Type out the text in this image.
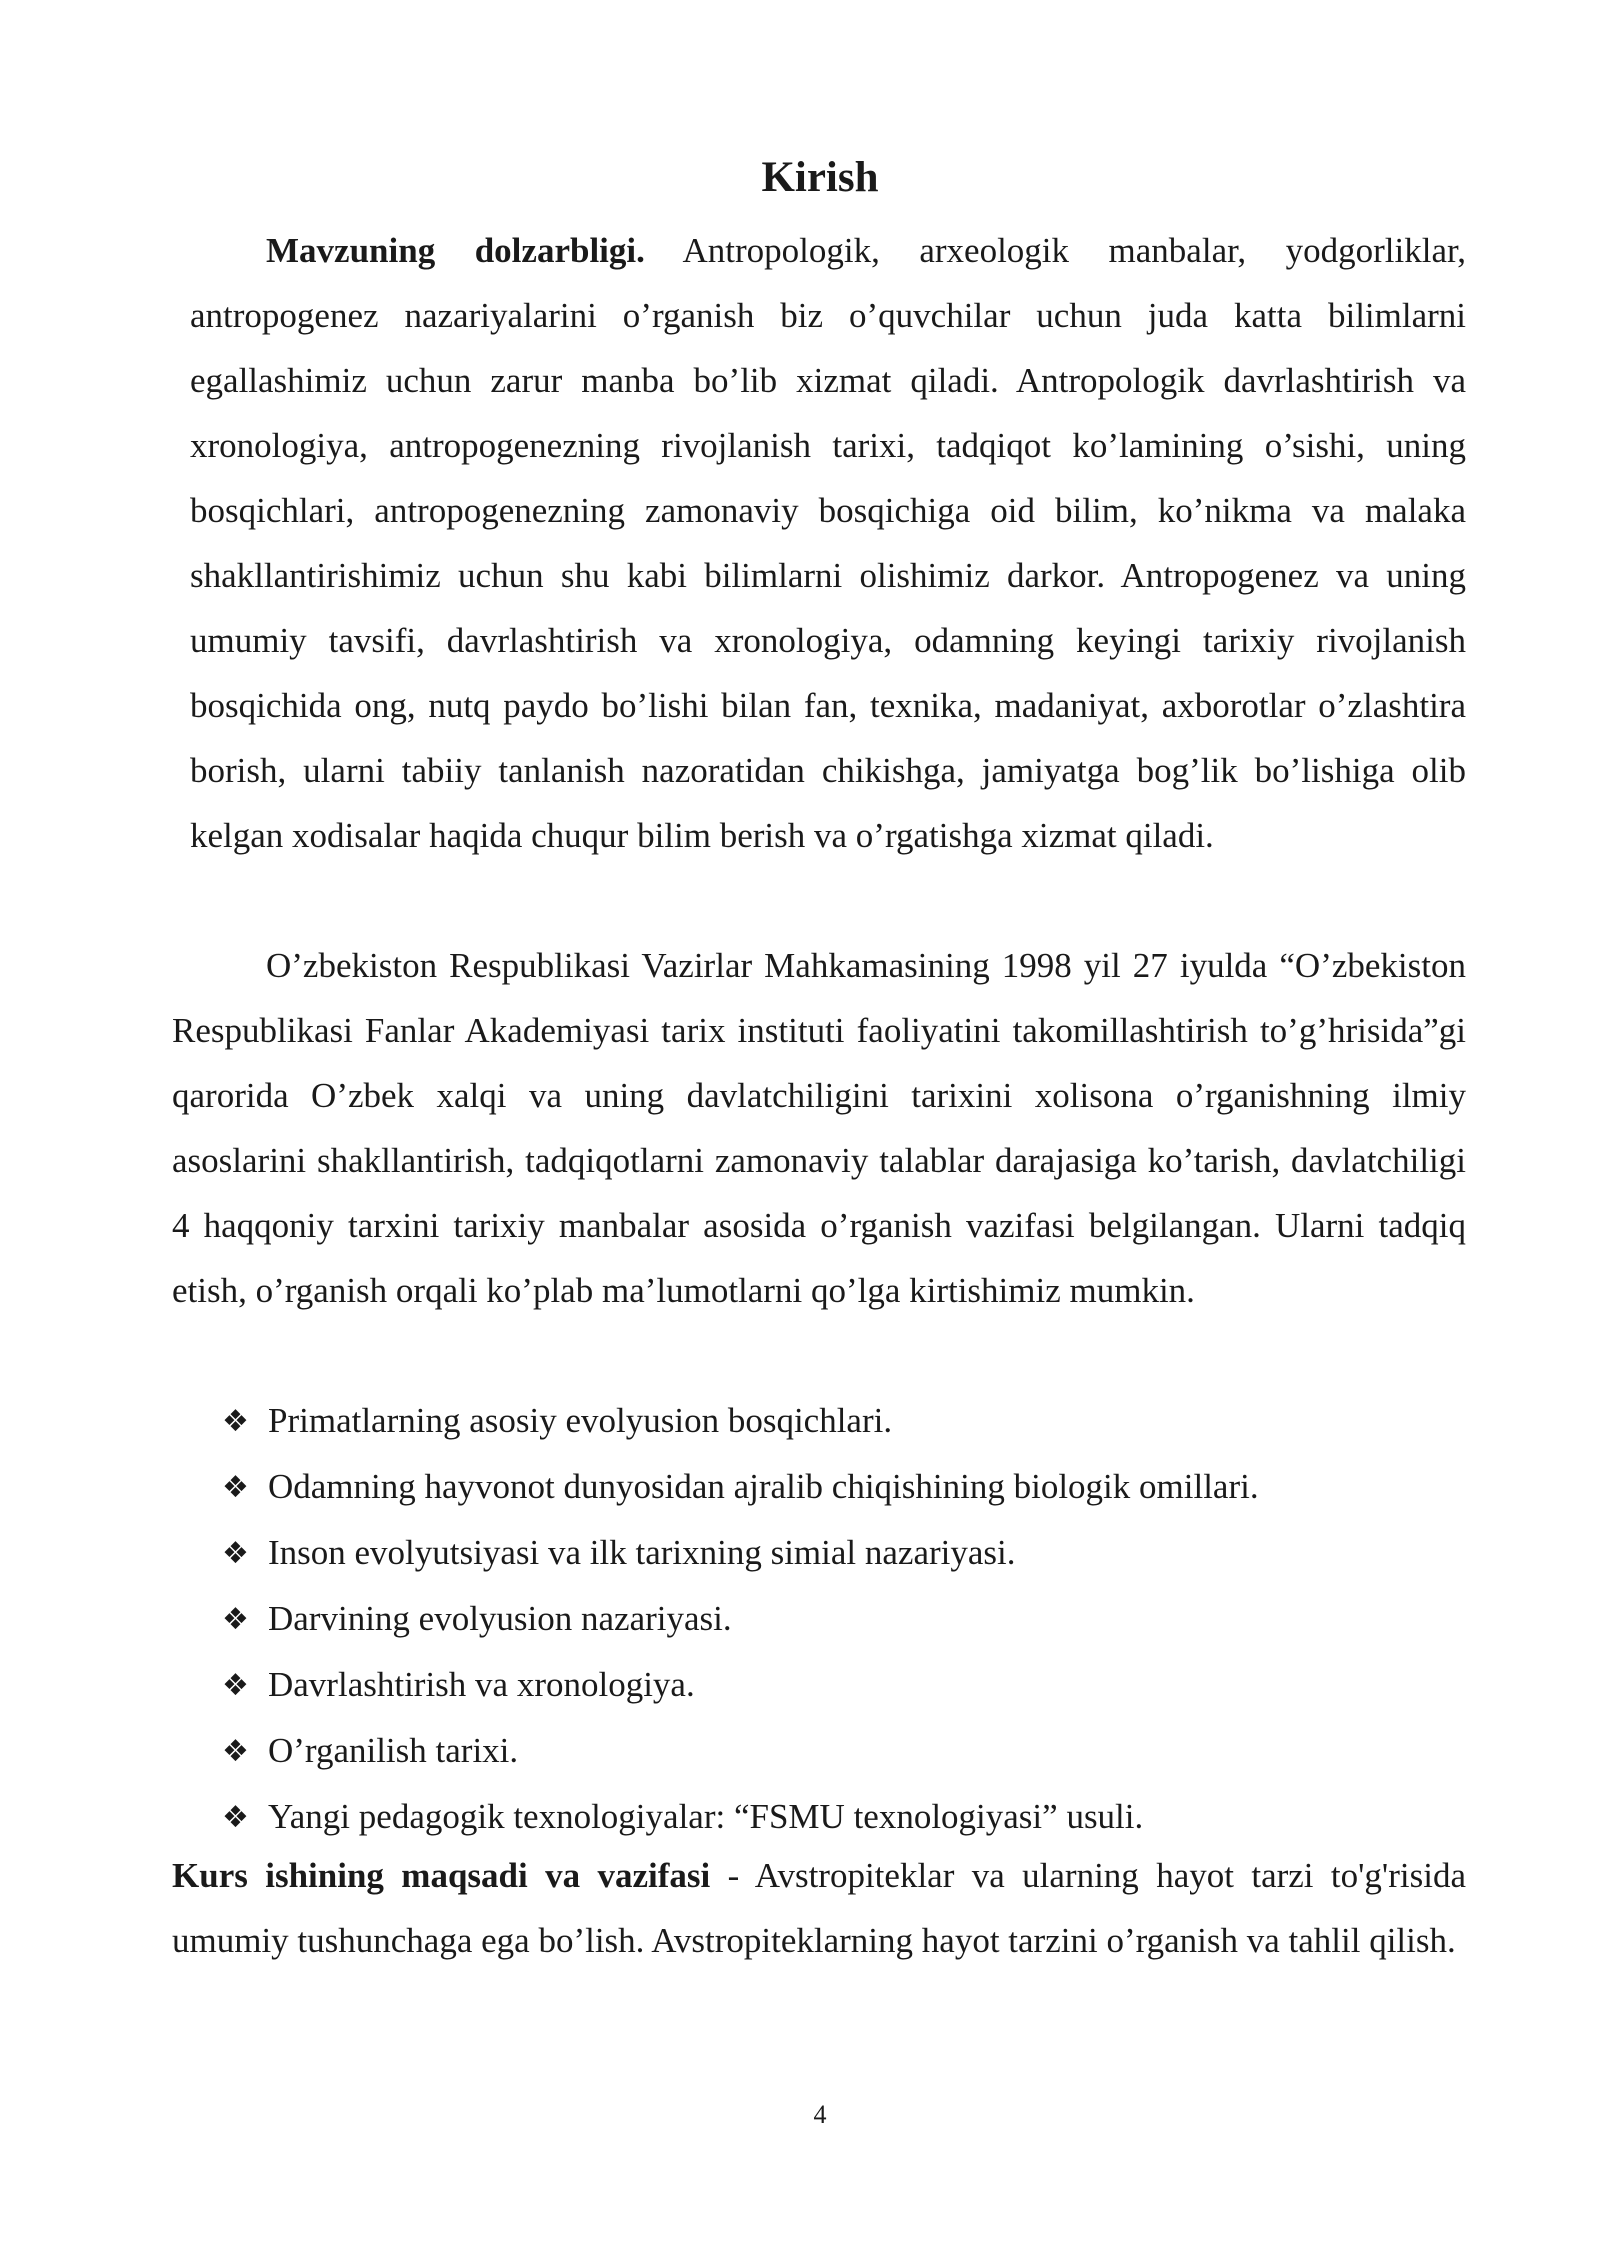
Kirish

Mavzuning dolzarbligi. Antropologik, arxeologik manbalar, yodgorliklar, antropogenez nazariyalarini o’rganish biz o’quvchilar uchun juda katta bilimlarni egallashimiz uchun zarur manba bo’lib xizmat qiladi. Antropologik davrlashtirish va xronologiya, antropogenezning rivojlanish tarixi, tadqiqot ko’lamining o’sishi, uning bosqichlari, antropogenezning zamonaviy bosqichiga oid bilim, ko’nikma va malaka shakllantirishimiz uchun shu kabi bilimlarni olishimiz darkor. Antropogenez va uning umumiy tavsifi, davrlashtirish va xronologiya, odamning keyingi tarixiy rivojlanish bosqichida ong, nutq paydo bo’lishi bilan fan, texnika, madaniyat, axborotlar o’zlashtira borish, ularni tabiiy tanlanish nazoratidan chikishga, jamiyatga bog’lik bo’lishiga olib kelgan xodisalar haqida chuqur bilim berish va o’rgatishga xizmat qiladi.

O’zbekiston Respublikasi Vazirlar Mahkamasining 1998 yil 27 iyulda “O’zbekiston Respublikasi Fanlar Akademiyasi tarix instituti faoliyatini takomillashtirish to’g’hrisida”gi qarorida O’zbek xalqi va uning davlatchiligini tarixini xolisona o’rganishning ilmiy asoslarini shakllantirish, tadqiqotlarni zamonaviy talablar darajasiga ko’tarish, davlatchiligi 4 haqqoniy tarxini tarixiy manbalar asosida o’rganish vazifasi belgilangan. Ularni tadqiq etish, o’rganish orqali ko’plab ma’lumotlarni qo’lga kirtishimiz mumkin.

❖ Primatlarning asosiy evolyusion bosqichlari.
❖ Odamning hayvonot dunyosidan ajralib chiqishining biologik omillari.
❖ Inson evolyutsiyasi va ilk tarixning simial nazariyasi.
❖ Darvining evolyusion nazariyasi.
❖ Davrlashtirish va xronologiya.
❖ O’rganilish tarixi.
❖ Yangi pedagogik texnologiyalar: “FSMU texnologiyasi” usuli.

Kurs ishining maqsadi va vazifasi - Avstropiteklar va ularning hayot tarzi to'g'risida umumiy tushunchaga ega bo’lish. Avstropiteklarning hayot tarzini o’rganish va tahlil qilish.

4
